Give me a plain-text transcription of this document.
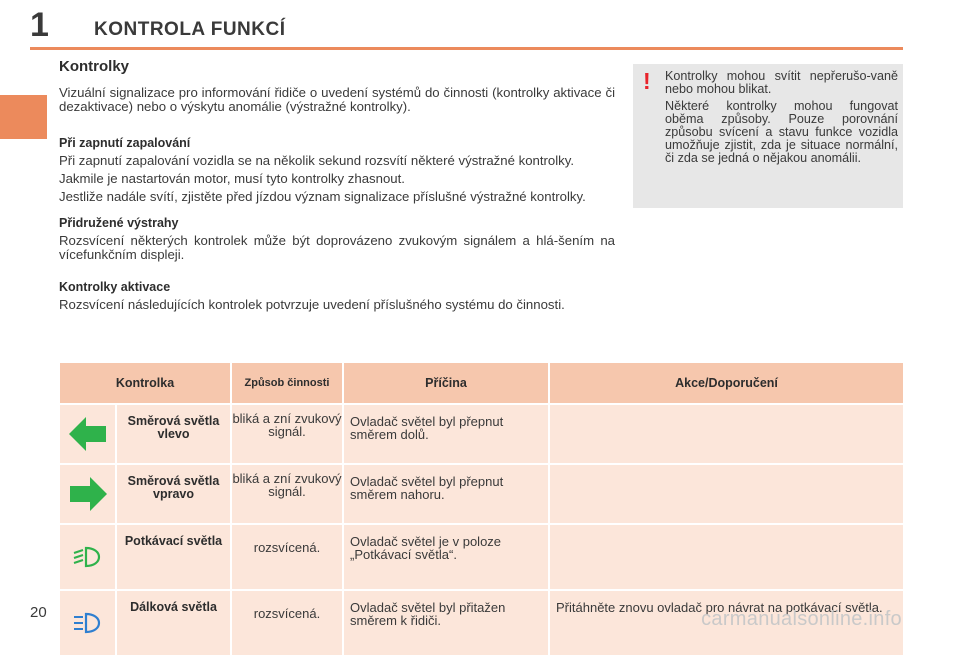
1 KONTROLA FUNKCÍ
Kontrolky

Vizuální signalizace pro informování řidiče o uvedení systémů do činnosti (kontrolky aktivace či dezaktivace) nebo o výskytu anomálie (výstražné kontrolky).

Při zapnutí zapalování

Při zapnutí zapalování vozidla se na několik sekund rozsvítí některé výstražné kontrolky.

Jakmile je nastartován motor, musí tyto kontrolky zhasnout.

Jestliže nadále svítí, zjistěte před jízdou význam signalizace příslušné výstražné kontrolky.

Přidružené výstrahy

Rozsvícení některých kontrolek může být doprovázeno zvukovým signálem a hlá-šením na vícefunkčním displeji.

Kontrolky aktivace

Rozsvícení následujících kontrolek potvrzuje uvedení příslušného systému do činnosti.

! Kontrolky mohou svítit nepřerušo-vaně nebo mohou blikat.

Některé kontrolky mohou fungovat oběma způsoby. Pouze porovnání způsobu svícení a stavu funkce vozidla umožňuje zjistit, zda je situace normální, či zda se jedná o nějakou anomálii.

Kontrolka		Způsob činnosti	Příčina	Akce/Doporučení
	Směrová světla vlevo	bliká a zní zvukový signál.	Ovladač světel byl přepnut směrem dolů.	
	Směrová světla vpravo	bliká a zní zvukový signál.	Ovladač světel byl přepnut směrem nahoru.	
	Potkávací světla	rozsvícená.	Ovladač světel je v poloze „Potkávací světla“.	
	Dálková světla	rozsvícená.	Ovladač světel byl přitažen směrem k řidiči.	Přitáhněte znovu ovladač pro návrat na potkávací světla.
20	carmanualsonline.info
